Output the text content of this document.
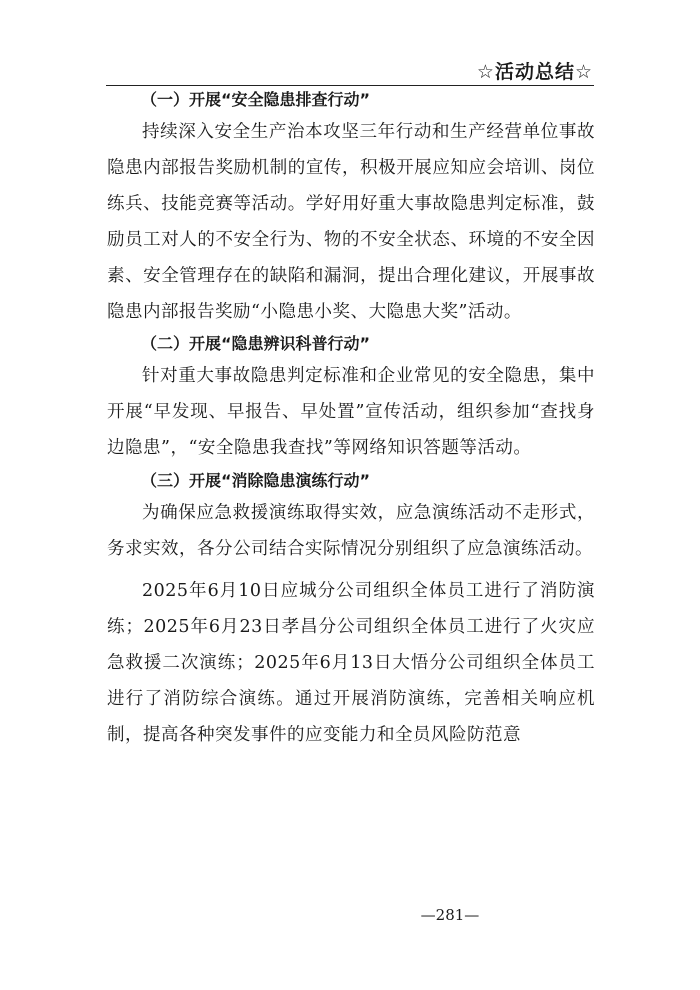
☆活动总结☆

（一）开展“安全隐患排查行动”

持续深入安全生产治本攻坚三年行动和生产经营单位事故隐患内部报告奖励机制的宣传，积极开展应知应会培训、岗位练兵、技能竞赛等活动。学好用好重大事故隐患判定标准，鼓励员工对人的不安全行为、物的不安全状态、环境的不安全因素、安全管理存在的缺陷和漏洞，提出合理化建议，开展事故隐患内部报告奖励“小隐患小奖、大隐患大奖”活动。

（二）开展“隐患辨识科普行动”

针对重大事故隐患判定标准和企业常见的安全隐患，集中开展“早发现、早报告、早处置”宣传活动，组织参加“查找身边隐患”，“安全隐患我查找”等网络知识答题等活动。

（三）开展“消除隐患演练行动”

为确保应急救援演练取得实效，应急演练活动不走形式，务求实效，各分公司结合实际情况分别组织了应急演练活动。

2025年6月10日应城分公司组织全体员工进行了消防演练；2025年6月23日孝昌分公司组织全体员工进行了火灾应急救援二次演练；2025年6月13日大悟分公司组织全体员工进行了消防综合演练。通过开展消防演练，完善相关响应机制，提高各种突发事件的应变能力和全员风险防范意

—281—
